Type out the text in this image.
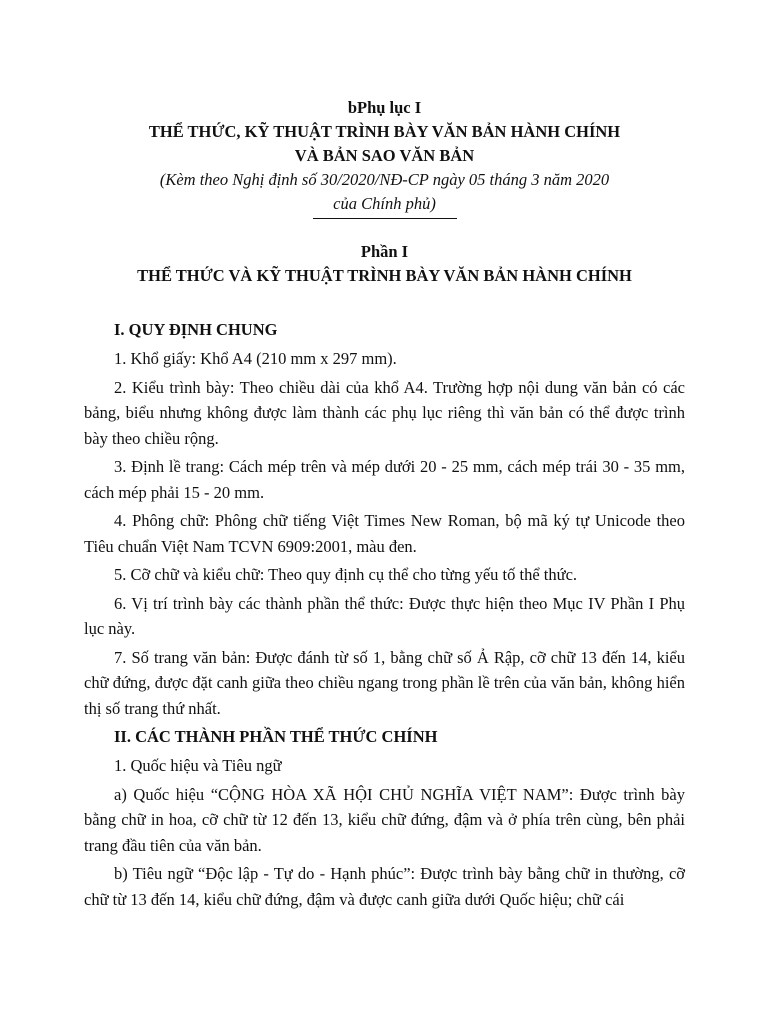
bPhụ lục I

THỂ THỨC, KỸ THUẬT TRÌNH BÀY VĂN BẢN HÀNH CHÍNH

VÀ BẢN SAO VĂN BẢN

(Kèm theo Nghị định số 30/2020/NĐ-CP ngày 05 tháng 3 năm 2020

của Chính phủ)

Phần I

THỂ THỨC VÀ KỸ THUẬT TRÌNH BÀY VĂN BẢN HÀNH CHÍNH

I. QUY ĐỊNH CHUNG

1. Khổ giấy: Khổ A4 (210 mm x 297 mm).

2. Kiểu trình bày: Theo chiều dài của khổ A4. Trường hợp nội dung văn bản có các bảng, biểu nhưng không được làm thành các phụ lục riêng thì văn bản có thể được trình bày theo chiều rộng.

3. Định lề trang: Cách mép trên và mép dưới 20 - 25 mm, cách mép trái 30 - 35 mm, cách mép phải 15 - 20 mm.

4. Phông chữ: Phông chữ tiếng Việt Times New Roman, bộ mã ký tự Unicode theo Tiêu chuẩn Việt Nam TCVN 6909:2001, màu đen.

5. Cỡ chữ và kiểu chữ: Theo quy định cụ thể cho từng yếu tố thể thức.

6. Vị trí trình bày các thành phần thể thức: Được thực hiện theo Mục IV Phần I Phụ lục này.

7. Số trang văn bản: Được đánh từ số 1, bằng chữ số Ả Rập, cỡ chữ 13 đến 14, kiểu chữ đứng, được đặt canh giữa theo chiều ngang trong phần lề trên của văn bản, không hiển thị số trang thứ nhất.

II. CÁC THÀNH PHẦN THỂ THỨC CHÍNH

1. Quốc hiệu và Tiêu ngữ

a) Quốc hiệu “CỘNG HÒA XÃ HỘI CHỦ NGHĨA VIỆT NAM”: Được trình bày bằng chữ in hoa, cỡ chữ từ 12 đến 13, kiểu chữ đứng, đậm và ở phía trên cùng, bên phải trang đầu tiên của văn bản.

b) Tiêu ngữ “Độc lập - Tự do - Hạnh phúc”: Được trình bày bằng chữ in thường, cỡ chữ từ 13 đến 14, kiểu chữ đứng, đậm và được canh giữa dưới Quốc hiệu; chữ cái
